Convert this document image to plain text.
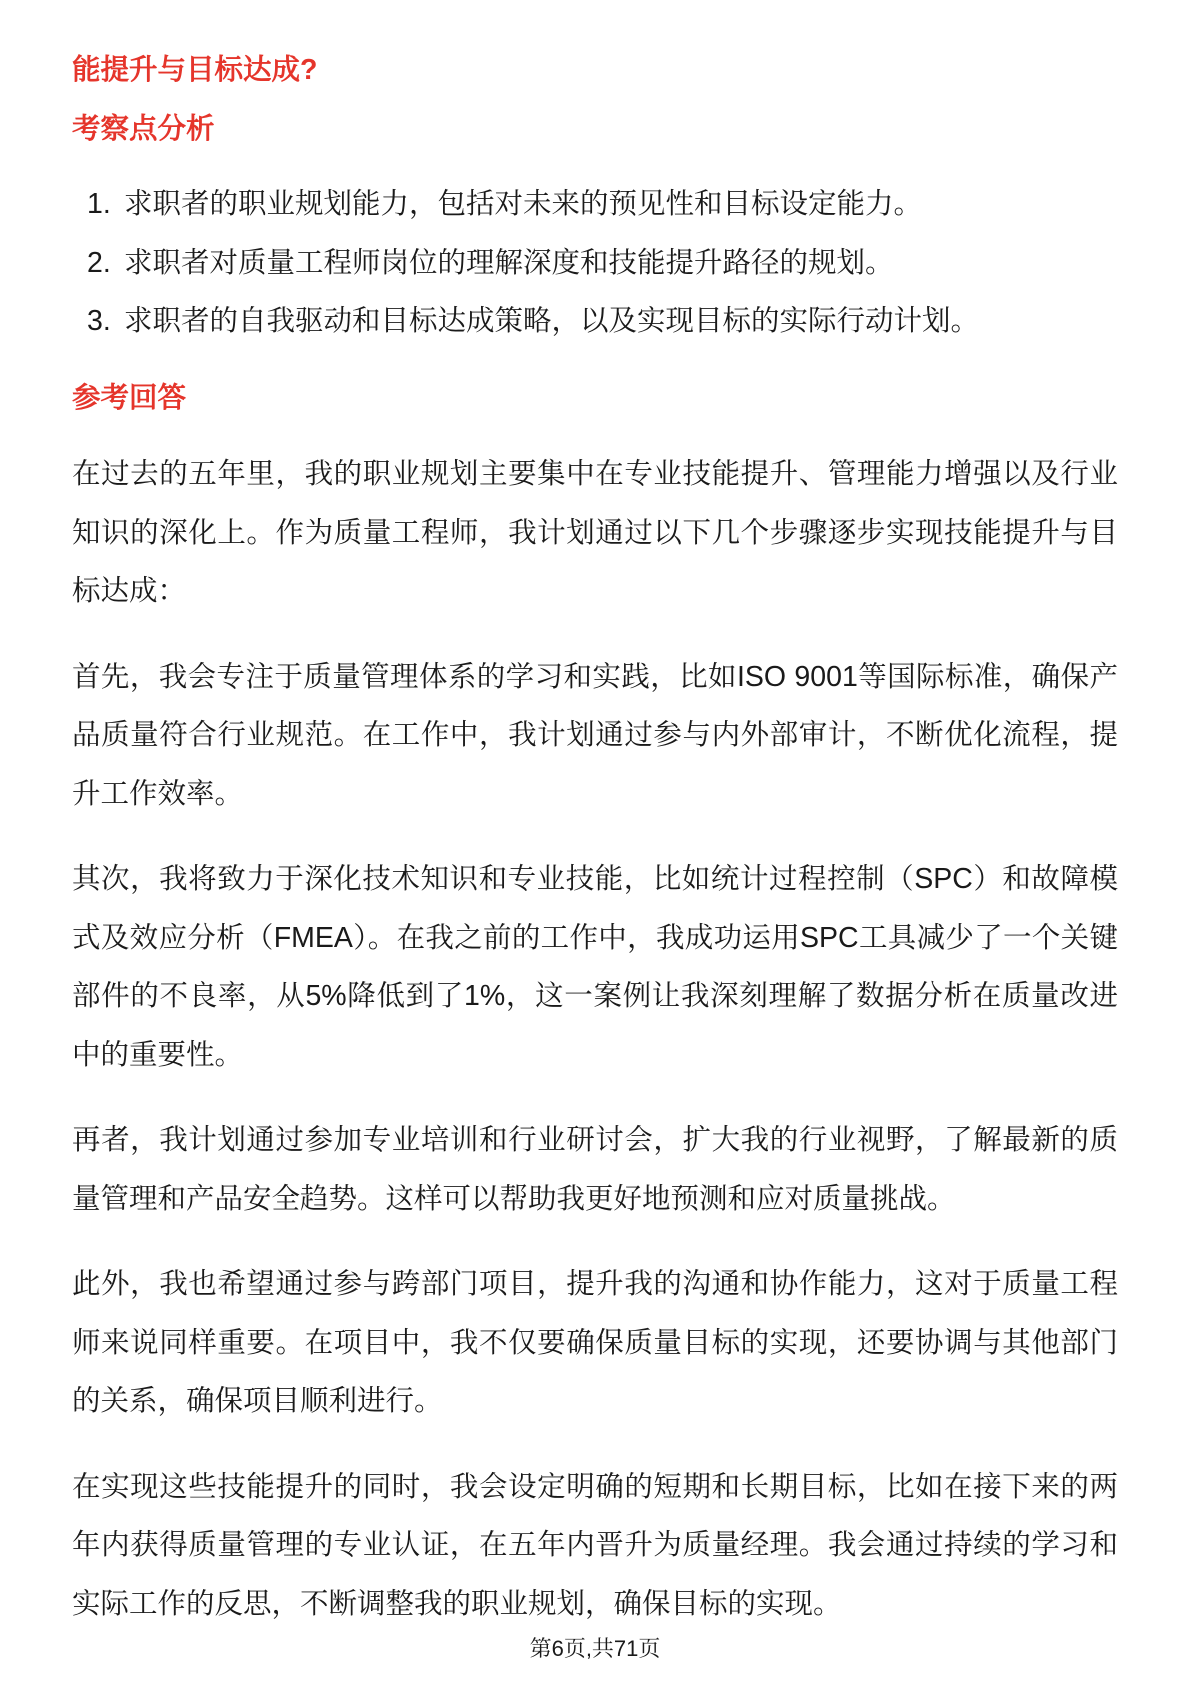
能提升与目标达成?
考察点分析
1. 求职者的职业规划能力，包括对未来的预见性和目标设定能力。
2. 求职者对质量工程师岗位的理解深度和技能提升路径的规划。
3. 求职者的自我驱动和目标达成策略，以及实现目标的实际行动计划。
参考回答

在过去的五年里，我的职业规划主要集中在专业技能提升、管理能力增强以及行业知识的深化上。作为质量工程师，我计划通过以下几个步骤逐步实现技能提升与目标达成：

首先，我会专注于质量管理体系的学习和实践，比如ISO 9001等国际标准，确保产品质量符合行业规范。在工作中，我计划通过参与内外部审计，不断优化流程，提升工作效率。

其次，我将致力于深化技术知识和专业技能，比如统计过程控制（SPC）和故障模式及效应分析（FMEA）。在我之前的工作中，我成功运用SPC工具减少了一个关键部件的不良率，从5%降低到了1%，这一案例让我深刻理解了数据分析在质量改进中的重要性。

再者，我计划通过参加专业培训和行业研讨会，扩大我的行业视野，了解最新的质量管理和产品安全趋势。这样可以帮助我更好地预测和应对质量挑战。

此外，我也希望通过参与跨部门项目，提升我的沟通和协作能力，这对于质量工程师来说同样重要。在项目中，我不仅要确保质量目标的实现，还要协调与其他部门的关系，确保项目顺利进行。

在实现这些技能提升的同时，我会设定明确的短期和长期目标，比如在接下来的两年内获得质量管理的专业认证，在五年内晋升为质量经理。我会通过持续的学习和实际工作的反思，不断调整我的职业规划，确保目标的实现。

第6页,共71页
